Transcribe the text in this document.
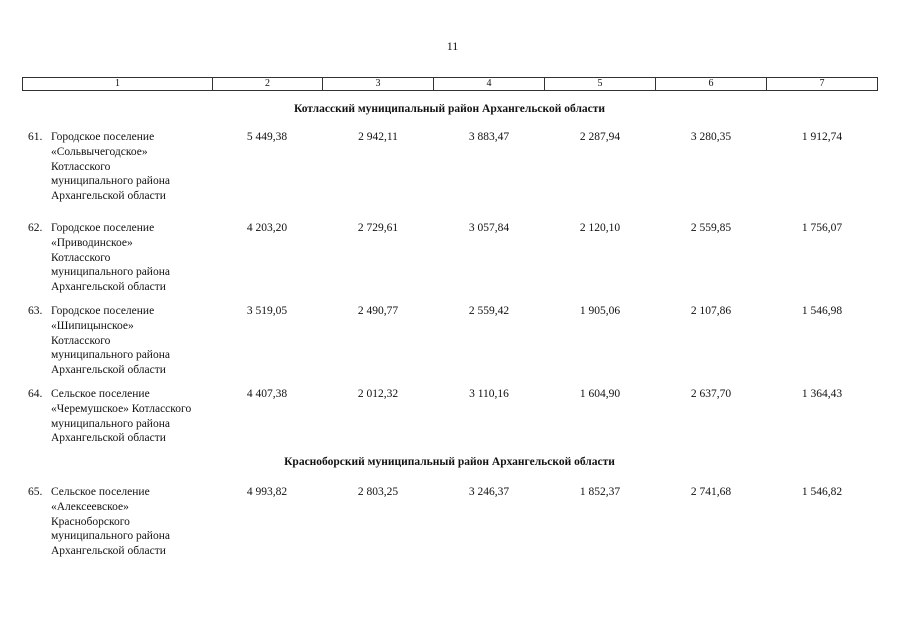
11
1	2	3	4	5	6	7
Котласский муниципальный район Архангельской области
61. Городское поселение
«Сольвычегодское»
Котласского
муниципального района
Архангельской области
5 449,38	2 942,11	3 883,47	2 287,94	3 280,35	1 912,74
62. Городское поселение
«Приводинское»
Котласского
муниципального района
Архангельской области
4 203,20	2 729,61	3 057,84	2 120,10	2 559,85	1 756,07
63. Городское поселение
«Шипицынское»
Котласского
муниципального района
Архангельской области
3 519,05	2 490,77	2 559,42	1 905,06	2 107,86	1 546,98
64. Сельское поселение
«Черемушское» Котласского
муниципального района
Архангельской области
4 407,38	2 012,32	3 110,16	1 604,90	2 637,70	1 364,43
Красноборский муниципальный район Архангельской области
65. Сельское поселение
«Алексеевское»
Красноборского
муниципального района
Архангельской области
4 993,82	2 803,25	3 246,37	1 852,37	2 741,68	1 546,82
